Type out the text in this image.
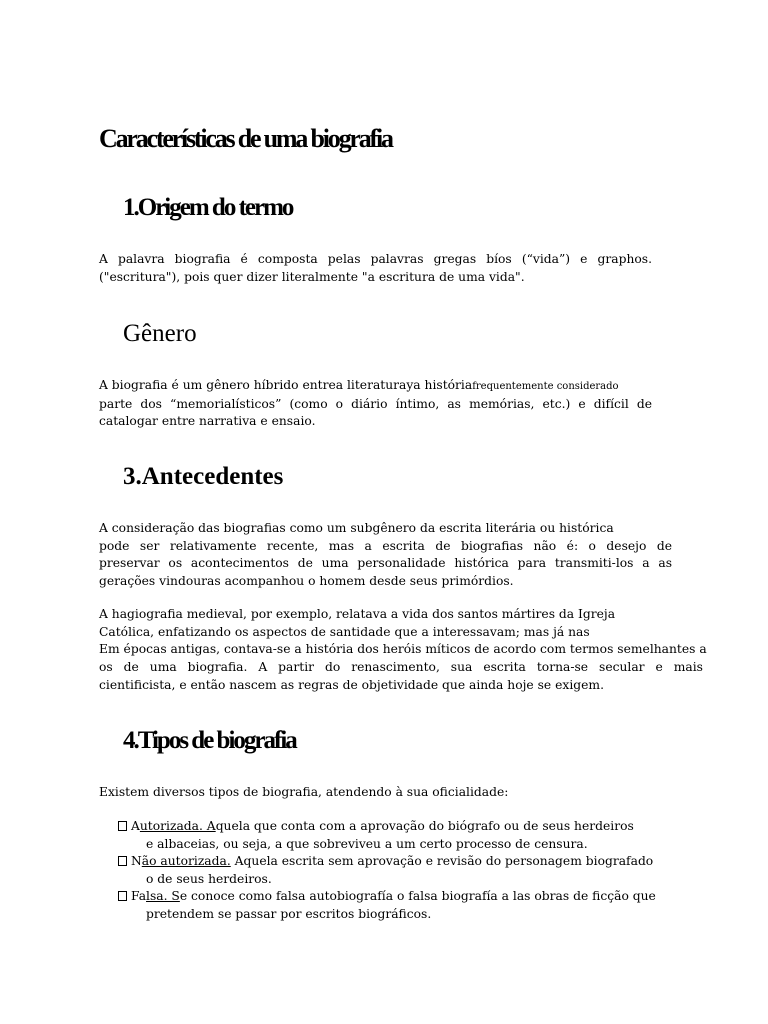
Características de uma biografia
1.Origem do termo

A palavra biografia é composta pelas palavras gregas bíos (“vida”) e graphos.
("escritura"), pois quer dizer literalmente "a escritura de uma vida".

Gênero

A biografia é um gênero híbrido entrea literaturaya históriafrequentemente considerado
parte dos “memorialísticos” (como o diário íntimo, as memórias, etc.) e difícil de
catalogar entre narrativa e ensaio.

3.Antecedentes

A consideração das biografias como um subgênero da escrita literária ou histórica
pode ser relativamente recente, mas a escrita de biografias não é: o desejo de
preservar os acontecimentos de uma personalidade histórica para transmiti-los a as
gerações vindouras acompanhou o homem desde seus primórdios.

A hagiografia medieval, por exemplo, relatava a vida dos santos mártires da Igreja
Católica, enfatizando os aspectos de santidade que a interessavam; mas já nas
Em épocas antigas, contava-se a história dos heróis míticos de acordo com termos semelhantes a
os de uma biografia. A partir do renascimento, sua escrita torna-se secular e mais
cientificista, e então nascem as regras de objetividade que ainda hoje se exigem.

4.Tipos de biografia

Existem diversos tipos de biografia, atendendo à sua oficialidade:

Autorizada. Aquela que conta com a aprovação do biógrafo ou de seus herdeiros
e albaceias, ou seja, a que sobreviveu a um certo processo de censura.
Não autorizada. Aquela escrita sem aprovação e revisão do personagem biografado
o de seus herdeiros.
Falsa. Se conoce como falsa autobiografía o falsa biografía a las obras de ficção que
pretendem se passar por escritos biográficos.
